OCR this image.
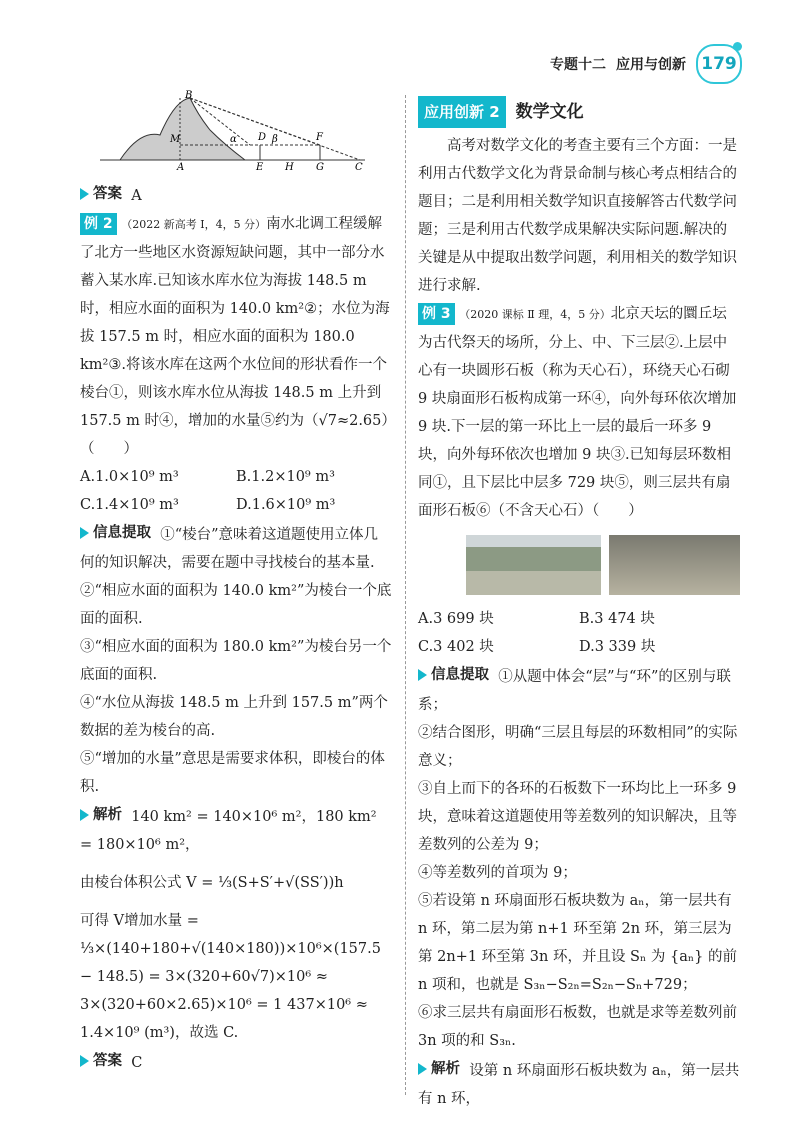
专题十二 应用与创新 179
B
M
A
D β	F
α
E H G	C

答案 A

例 2 （2022 新高考 Ⅰ，4，5 分）南水北调工程缓解了北方一些地区水资源短缺问题，其中一部分水蓄入某水库.已知该水库水位为海拔 148.5 m 时，相应水面的面积为 140.0 km²②；水位为海拔 157.5 m 时，相应水面的面积为 180.0 km²③.将该水库在这两个水位间的形状看作一个棱台①，则该水库水位从海拔 148.5 m 上升到 157.5 m 时④，增加的水量⑤约为（√7≈2.65）（　　）

A.1.0×10⁹ m³	B.1.2×10⁹ m³
C.1.4×10⁹ m³	D.1.6×10⁹ m³

信息提取 ①“棱台”意味着这道题使用立体几何的知识解决，需要在题中寻找棱台的基本量.

②“相应水面的面积为 140.0 km²”为棱台一个底面的面积.

③“相应水面的面积为 180.0 km²”为棱台另一个底面的面积.

④“水位从海拔 148.5 m 上升到 157.5 m”两个数据的差为棱台的高.

⑤“增加的水量”意思是需要求体积，即棱台的体积.

解析 140 km² = 140×10⁶ m²，180 km² = 180×10⁶ m²，

由棱台体积公式 V = ⅓(S+S′+√(SS′))h

可得 V增加水量 = ⅓×(140+180+√(140×180))×10⁶×(157.5 − 148.5) = 3×(320+60√7)×10⁶ ≈ 3×(320+60×2.65)×10⁶ = 1 437×10⁶ ≈ 1.4×10⁹ (m³)，故选 C.

答案 C

应用创新 2 数学文化

高考对数学文化的考查主要有三个方面：一是利用古代数学文化为背景命制与核心考点相结合的题目；二是利用相关数学知识直接解答古代数学问题；三是利用古代数学成果解决实际问题.解决的关键是从中提取出数学问题，利用相关的数学知识进行求解.

例 3 （2020 课标 Ⅱ 理，4，5 分）北京天坛的圜丘坛为古代祭天的场所，分上、中、下三层②.上层中心有一块圆形石板（称为天心石），环绕天心石砌 9 块扇面形石板构成第一环④，向外每环依次增加 9 块.下一层的第一环比上一层的最后一环多 9 块，向外每环依次也增加 9 块③.已知每层环数相同①，且下层比中层多 729 块⑤，则三层共有扇面形石板⑥（不含天心石）（　　）

A.3 699 块	B.3 474 块
C.3 402 块	D.3 339 块

信息提取 ①从题中体会“层”与“环”的区别与联系；

②结合图形，明确“三层且每层的环数相同”的实际意义；

③自上而下的各环的石板数下一环均比上一环多 9 块，意味着这道题使用等差数列的知识解决，且等差数列的公差为 9；

④等差数列的首项为 9；

⑤若设第 n 环扇面形石板块数为 aₙ，第一层共有 n 环，第二层为第 n+1 环至第 2n 环，第三层为第 2n+1 环至第 3n 环，并且设 Sₙ 为 {aₙ} 的前 n 项和，也就是 S₃ₙ−S₂ₙ=S₂ₙ−Sₙ+729；

⑥求三层共有扇面形石板数，也就是求等差数列前 3n 项的和 S₃ₙ.

解析 设第 n 环扇面形石板块数为 aₙ，第一层共有 n 环，
